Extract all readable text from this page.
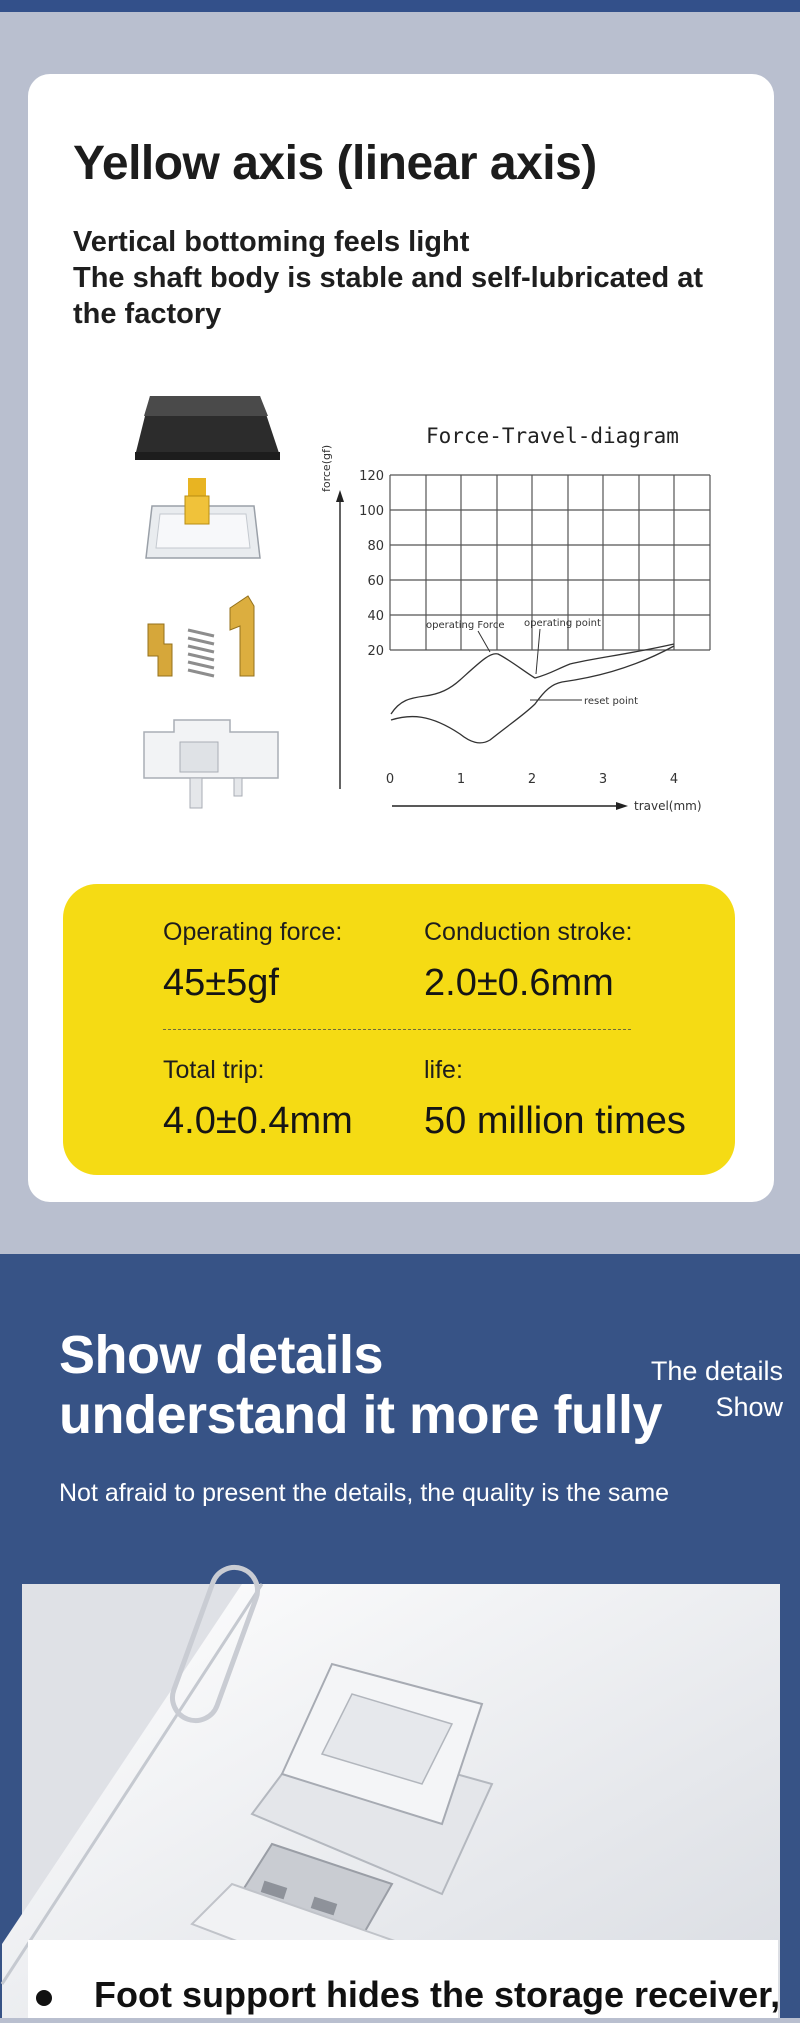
Yellow axis (linear axis)
Vertical bottoming feels light
The shaft body is stable and self-lubricated at
the factory
Force-Travel-diagram
force(gf) 120
100
80
60
40
20
0	1	2	3	4
travel(mm)
operating Force operating point
reset point
Operating force:
45±5gf
Conduction stroke:
2.0±0.6mm
Total trip:
4.0±0.4mm
life:
50 million times
Show details
understand it more fully
The details
Show
Not afraid to present the details, the quality is the same
Foot support hides the storage receiver,
